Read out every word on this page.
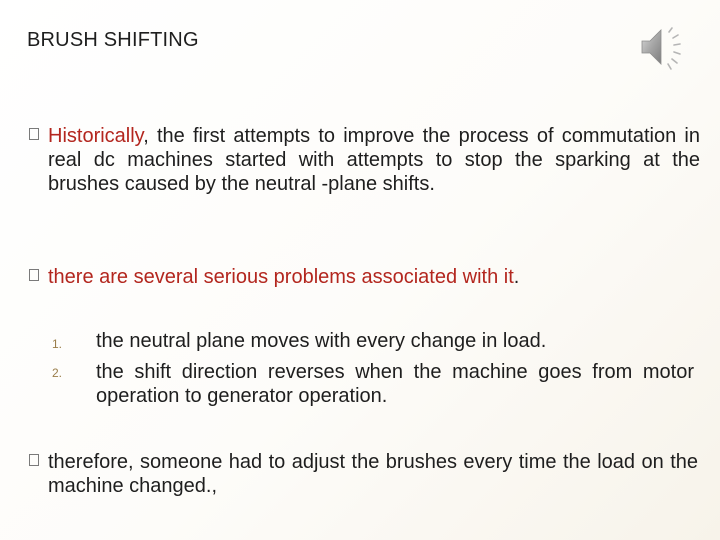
BRUSH SHIFTING
Historically, the first attempts to improve the process of commutation in real dc machines started with attempts to stop the sparking at the brushes caused by the neutral -plane shifts.
there are several serious problems associated with it.
1. the neutral plane moves with every change in load.
2. the shift direction reverses when the machine goes from motor operation to generator operation.
therefore, someone had to adjust the brushes every time the load on the machine changed.,
